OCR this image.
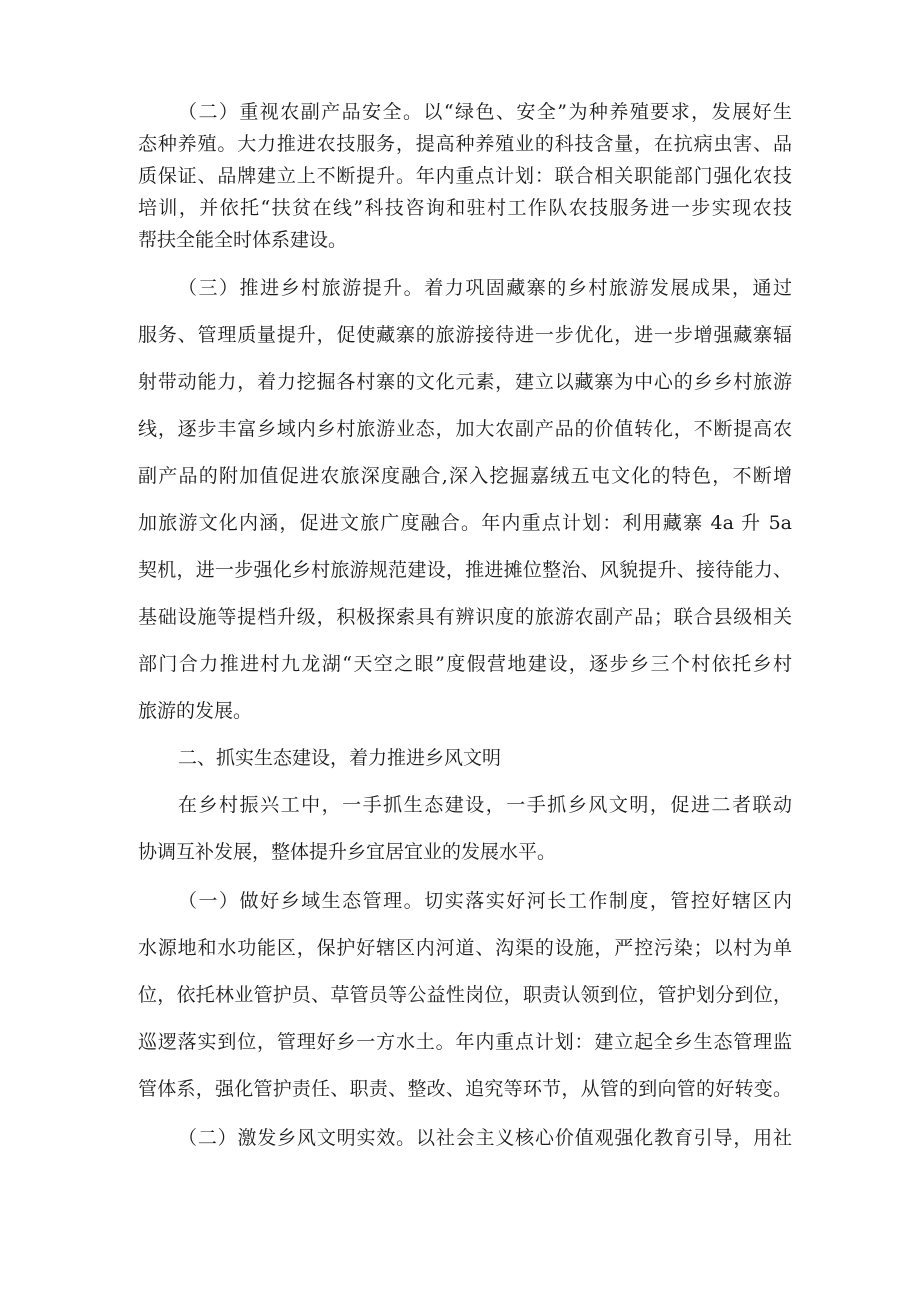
（二）重视农副产品安全。以“绿色、安全”为种养殖要求，发展好生
态种养殖。大力推进农技服务，提高种养殖业的科技含量，在抗病虫害、品
质保证、品牌建立上不断提升。年内重点计划：联合相关职能部门强化农技
培训，并依托“扶贫在线”科技咨询和驻村工作队农技服务进一步实现农技
帮扶全能全时体系建设。
（三）推进乡村旅游提升。着力巩固藏寨的乡村旅游发展成果，通过
服务、管理质量提升，促使藏寨的旅游接待进一步优化，进一步增强藏寨辐
射带动能力，着力挖掘各村寨的文化元素，建立以藏寨为中心的乡乡村旅游
线，逐步丰富乡域内乡村旅游业态，加大农副产品的价值转化，不断提高农
副产品的附加值促进农旅深度融合,深入挖掘嘉绒五屯文化的特色，不断增
加旅游文化内涵，促进文旅广度融合。年内重点计划：利用藏寨 4a 升 5a
契机，进一步强化乡村旅游规范建设，推进摊位整治、风貌提升、接待能力、
基础设施等提档升级，积极探索具有辨识度的旅游农副产品；联合县级相关
部门合力推进村九龙湖“天空之眼”度假营地建设，逐步乡三个村依托乡村
旅游的发展。
二、抓实生态建设，着力推进乡风文明
在乡村振兴工中，一手抓生态建设，一手抓乡风文明，促进二者联动
协调互补发展，整体提升乡宜居宜业的发展水平。
（一）做好乡域生态管理。切实落实好河长工作制度，管控好辖区内
水源地和水功能区，保护好辖区内河道、沟渠的设施，严控污染；以村为单
位，依托林业管护员、草管员等公益性岗位，职责认领到位，管护划分到位，
巡逻落实到位，管理好乡一方水土。年内重点计划：建立起全乡生态管理监
管体系，强化管护责任、职责、整改、追究等环节，从管的到向管的好转变。
（二）激发乡风文明实效。以社会主义核心价值观强化教育引导，用社
